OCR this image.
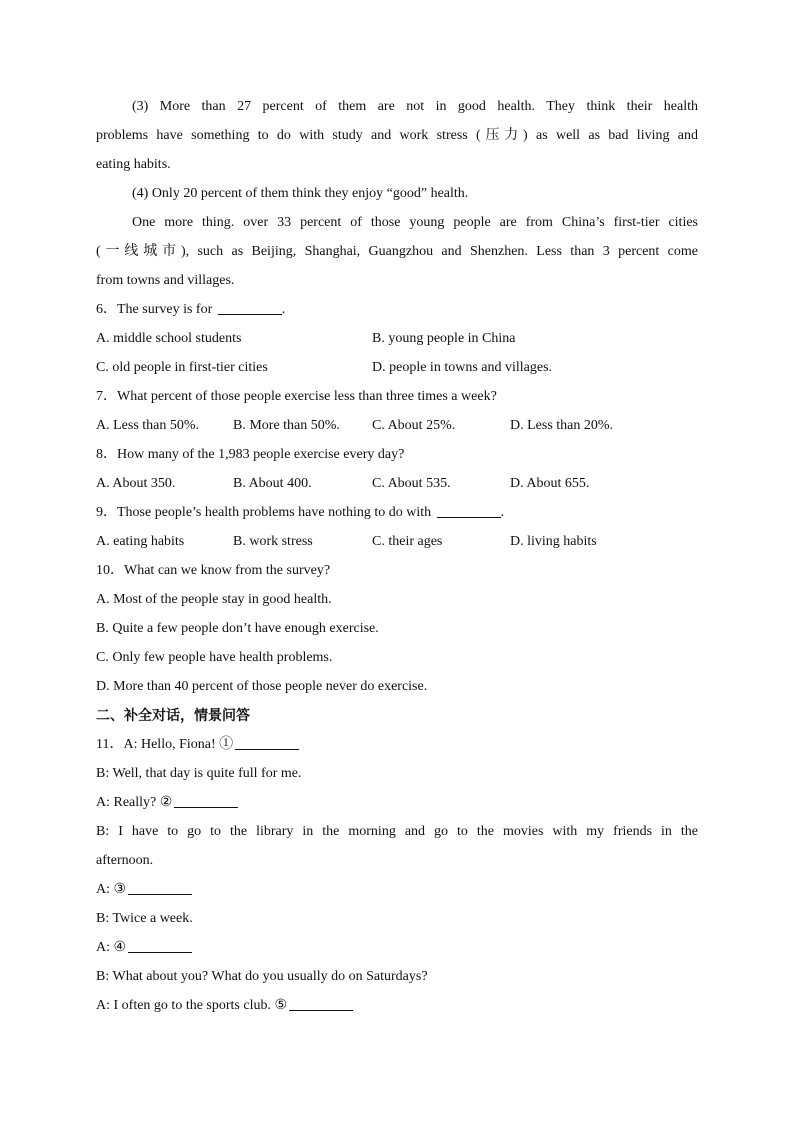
(3) More than 27 percent of them are not in good health. They think their health
problems have something to do with study and work stress (压力) as well as bad living and
eating habits.
(4) Only 20 percent of them think they enjoy “good” health.
One more thing. over 33 percent of those young people are from China’s first-tier cities
(一线城市), such as Beijing, Shanghai, Guangzhou and Shenzhen. Less than 3 percent come
from towns and villages.
6．The survey is for	.
A. middle school students	B. young people in China
C. old people in first-tier cities	D. people in towns and villages.
7．What percent of those people exercise less than three times a week?
A. Less than 50%.	B. More than 50%.	C. About 25%.	D. Less than 20%.
8．How many of the 1,983 people exercise every day?
A. About 350.	B. About 400.	C. About 535.	D. About 655.
9．Those people’s health problems have nothing to do with	.
A. eating habits	B. work stress	C. their ages	D. living habits
10．What can we know from the survey?
A. Most of the people stay in good health.
B. Quite a few people don’t have enough exercise.
C. Only few people have health problems.
D. More than 40 percent of those people never do exercise.
二、补全对话，情景问答
11．A: Hello, Fiona! ①
B: Well, that day is quite full for me.
A: Really? ②
B: I have to go to the library in the morning and go to the movies with my friends in the
afternoon.
A: ③
B: Twice a week.
A: ④
B: What about you? What do you usually do on Saturdays?
A: I often go to the sports club. ⑤
